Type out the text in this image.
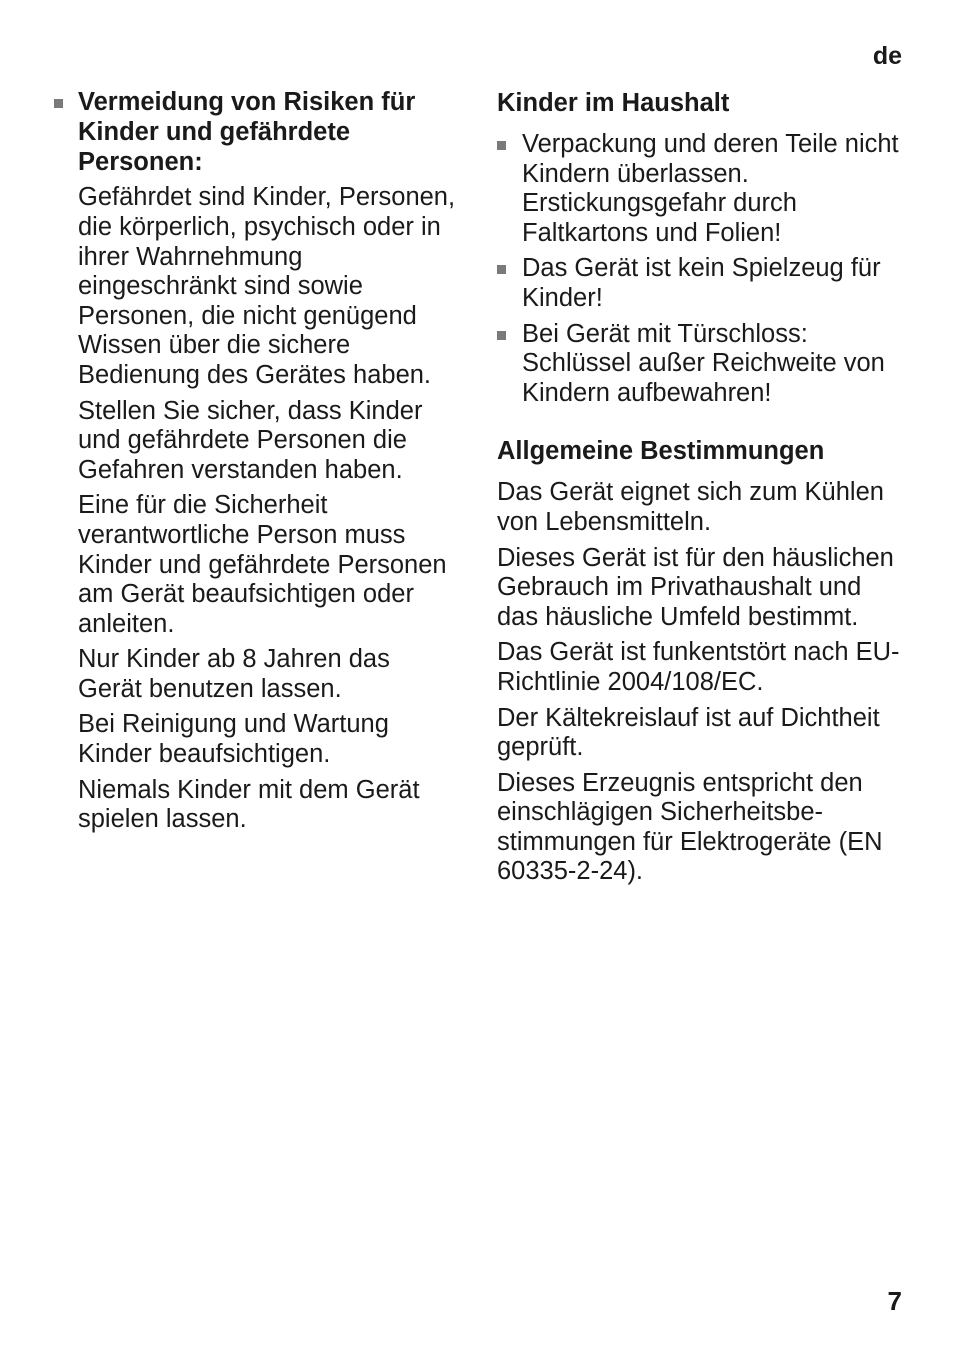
de

Vermeidung von Risiken für Kinder und gefährdete Personen:

Gefährdet sind Kinder, Personen, die körperlich, psychisch oder in ihrer Wahrnehmung eingeschränkt sind sowie Personen, die nicht genügend Wissen über die sichere Bedienung des Gerätes haben.

Stellen Sie sicher, dass Kinder und gefährdete Personen die Gefahren verstanden haben.

Eine für die Sicherheit verantwortliche Person muss Kinder und gefährdete Personen am Gerät beaufsichtigen oder anleiten.

Nur Kinder ab 8 Jahren das Gerät benutzen lassen.

Bei Reinigung und Wartung Kinder beaufsichtigen.

Niemals Kinder mit dem Gerät spielen lassen.

Kinder im Haushalt
Verpackung und deren Teile nicht Kindern überlassen. Erstickungsgefahr durch Faltkartons und Folien!
Das Gerät ist kein Spielzeug für Kinder!
Bei Gerät mit Türschloss: Schlüssel außer Reichweite von Kindern aufbewahren!
Allgemeine Bestimmungen

Das Gerät eignet sich zum Kühlen von Lebensmitteln.

Dieses Gerät ist für den häuslichen Gebrauch im Privathaushalt und das häusliche Umfeld bestimmt.

Das Gerät ist funkentstört nach EU-Richtlinie 2004/108/EC.

Der Kältekreislauf ist auf Dichtheit geprüft.

Dieses Erzeugnis entspricht den einschlägigen Sicherheitsbestimmungen für Elektrogeräte (EN 60335-2-24).

7
